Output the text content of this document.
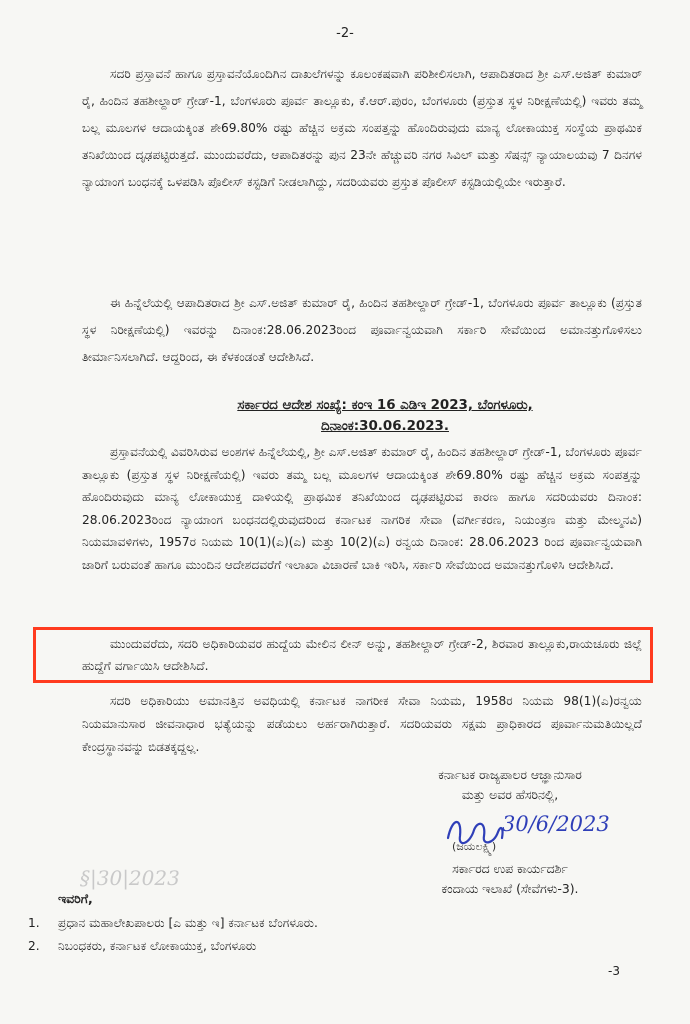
-2-
ಸದರಿ ಪ್ರಸ್ತಾವನೆ ಹಾಗೂ ಪ್ರಸ್ತಾವನೆಯೊಂದಿಗಿನ ದಾಖಲೆಗಳನ್ನು ಕೂಲಂಕಷವಾಗಿ ಪರಿಶೀಲಿಸಲಾಗಿ, ಆಪಾದಿತರಾದ ಶ್ರೀ ಎಸ್.ಅಜಿತ್ ಕುಮಾರ್ ರೈ, ಹಿಂದಿನ ತಹಶೀಲ್ದಾರ್ ಗ್ರೇಡ್-1, ಬೆಂಗಳೂರು ಪೂರ್ವ ತಾಲ್ಲೂಕು, ಕೆ.ಆರ್.ಪುರಂ, ಬೆಂಗಳೂರು (ಪ್ರಸ್ತುತ ಸ್ಥಳ ನಿರೀಕ್ಷಣೆಯಲ್ಲಿ) ಇವರು ತಮ್ಮ ಬಲ್ಲ ಮೂಲಗಳ ಆದಾಯಕ್ಕಿಂತ ಶೇ69.80% ರಷ್ಟು ಹೆಚ್ಚಿನ ಅಕ್ರಮ ಸಂಪತ್ತನ್ನು ಹೊಂದಿರುವುದು ಮಾನ್ಯ ಲೋಕಾಯುಕ್ತ ಸಂಸ್ಥೆಯ ಪ್ರಾಥಮಿಕ ತನಿಖೆಯಿಂದ ದೃಢಪಟ್ಟಿರುತ್ತದೆ. ಮುಂದುವರೆದು, ಆಪಾದಿತರನ್ನು ಪುನ 23ನೇ ಹೆಚ್ಚುವರಿ ನಗರ ಸಿವಿಲ್ ಮತ್ತು ಸೆಷನ್ಸ್ ನ್ಯಾಯಾಲಯವು 7 ದಿನಗಳ ನ್ಯಾಯಾಂಗ ಬಂಧನಕ್ಕೆ ಒಳಪಡಿಸಿ ಪೊಲೀಸ್ ಕಸ್ಟಡಿಗೆ ನೀಡಲಾಗಿದ್ದು, ಸದರಿಯವರು ಪ್ರಸ್ತುತ ಪೊಲೀಸ್ ಕಸ್ಟಡಿಯಲ್ಲಿಯೇ ಇರುತ್ತಾರೆ.
ಈ ಹಿನ್ನೆಲೆಯಲ್ಲಿ ಆಪಾದಿತರಾದ ಶ್ರೀ ಎಸ್.ಅಜಿತ್ ಕುಮಾರ್ ರೈ, ಹಿಂದಿನ ತಹಶೀಲ್ದಾರ್ ಗ್ರೇಡ್-1, ಬೆಂಗಳೂರು ಪೂರ್ವ ತಾಲ್ಲೂಕು (ಪ್ರಸ್ತುತ ಸ್ಥಳ ನಿರೀಕ್ಷಣೆಯಲ್ಲಿ) ಇವರನ್ನು ದಿನಾಂಕ:28.06.2023ರಿಂದ ಪೂರ್ವಾನ್ವಯವಾಗಿ ಸರ್ಕಾರಿ ಸೇವೆಯಿಂದ ಅಮಾನತ್ತುಗೊಳಿಸಲು ತೀರ್ಮಾನಿಸಲಾಗಿದೆ. ಆದ್ದರಿಂದ, ಈ ಕೆಳಕಂಡಂತೆ ಆದೇಶಿಸಿದೆ.
ಸರ್ಕಾರದ ಆದೇಶ ಸಂಖ್ಯೆ: ಕಂಇ 16 ಎಡಿಇ 2023, ಬೆಂಗಳೂರು,
ದಿನಾಂಕ:30.06.2023.
ಪ್ರಸ್ತಾವನೆಯಲ್ಲಿ ವಿವರಿಸಿರುವ ಅಂಶಗಳ ಹಿನ್ನೆಲೆಯಲ್ಲಿ, ಶ್ರೀ ಎಸ್.ಅಜಿತ್ ಕುಮಾರ್ ರೈ, ಹಿಂದಿನ ತಹಶೀಲ್ದಾರ್ ಗ್ರೇಡ್-1, ಬೆಂಗಳೂರು ಪೂರ್ವ ತಾಲ್ಲೂಕು (ಪ್ರಸ್ತುತ ಸ್ಥಳ ನಿರೀಕ್ಷಣೆಯಲ್ಲಿ) ಇವರು ತಮ್ಮ ಬಲ್ಲ ಮೂಲಗಳ ಆದಾಯಕ್ಕಿಂತ ಶೇ69.80% ರಷ್ಟು ಹೆಚ್ಚಿನ ಅಕ್ರಮ ಸಂಪತ್ತನ್ನು ಹೊಂದಿರುವುದು ಮಾನ್ಯ ಲೋಕಾಯುಕ್ತ ದಾಳಿಯಲ್ಲಿ ಪ್ರಾಥಮಿಕ ತನಿಖೆಯಿಂದ ದೃಢಪಟ್ಟಿರುವ ಕಾರಣ ಹಾಗೂ ಸದರಿಯವರು ದಿನಾಂಕ: 28.06.2023ರಿಂದ ನ್ಯಾಯಾಂಗ ಬಂಧನದಲ್ಲಿರುವುದರಿಂದ ಕರ್ನಾಟಕ ನಾಗರಿಕ ಸೇವಾ (ವರ್ಗೀಕರಣ, ನಿಯಂತ್ರಣ ಮತ್ತು ಮೇಲ್ಮನವಿ) ನಿಯಮಾವಳಿಗಳು, 1957ರ ನಿಯಮ 10(1)(ಎ)(ಎ) ಮತ್ತು 10(2)(ಎ) ರನ್ವಯ ದಿನಾಂಕ: 28.06.2023 ರಿಂದ ಪೂರ್ವಾನ್ವಯವಾಗಿ ಜಾರಿಗೆ ಬರುವಂತೆ ಹಾಗೂ ಮುಂದಿನ ಆದೇಶದವರೆಗೆ ಇಲಾಖಾ ವಿಚಾರಣೆ ಬಾಕಿ ಇರಿಸಿ, ಸರ್ಕಾರಿ ಸೇವೆಯಿಂದ ಅಮಾನತ್ತುಗೊಳಿಸಿ ಆದೇಶಿಸಿದೆ.
ಮುಂದುವರೆದು, ಸದರಿ ಅಧಿಕಾರಿಯವರ ಹುದ್ದೆಯ ಮೇಲಿನ ಲೀನ್ ಅನ್ನು, ತಹಶೀಲ್ದಾರ್ ಗ್ರೇಡ್-2, ಶಿರವಾರ ತಾಲ್ಲೂಕು,ರಾಯಚೂರು ಜಿಲ್ಲೆ ಹುದ್ದೆಗೆ ವರ್ಗಾಯಿಸಿ ಆದೇಶಿಸಿದೆ.
ಸದರಿ ಅಧಿಕಾರಿಯು ಅಮಾನತ್ತಿನ ಅವಧಿಯಲ್ಲಿ ಕರ್ನಾಟಕ ನಾಗರೀಕ ಸೇವಾ ನಿಯಮ, 1958ರ ನಿಯಮ 98(1)(ಎ)ರನ್ವಯ ನಿಯಮಾನುಸಾರ ಜೀವನಾಧಾರ ಭತ್ಯೆಯನ್ನು ಪಡೆಯಲು ಅರ್ಹರಾಗಿರುತ್ತಾರೆ. ಸದರಿಯವರು ಸಕ್ಷಮ ಪ್ರಾಧಿಕಾರದ ಪೂರ್ವಾನುಮತಿಯಿಲ್ಲದೆ ಕೇಂದ್ರಸ್ಥಾನವನ್ನು ಬಿಡತಕ್ಕದ್ದಲ್ಲ.
ಕರ್ನಾಟಕ ರಾಜ್ಯಪಾಲರ ಆಜ್ಞಾನುಸಾರ
ಮತ್ತು ಅವರ ಹೆಸರಿನಲ್ಲಿ,
30/6/2023
(ಜಯಲಕ್ಷ್ಮಿ)
ಸರ್ಕಾರದ ಉಪ ಕಾರ್ಯದರ್ಶಿ
ಕಂದಾಯ ಇಲಾಖೆ (ಸೇವೆಗಳು-3).
§|30|2023
ಇವರಿಗೆ,
1.	ಪ್ರಧಾನ ಮಹಾಲೇಖಪಾಲರು [ಎ ಮತ್ತು ಇ] ಕರ್ನಾಟಕ ಬೆಂಗಳೂರು.
2.	ನಿಬಂಧಕರು, ಕರ್ನಾಟಕ ಲೋಕಾಯುಕ್ತ, ಬೆಂಗಳೂರು
-3
